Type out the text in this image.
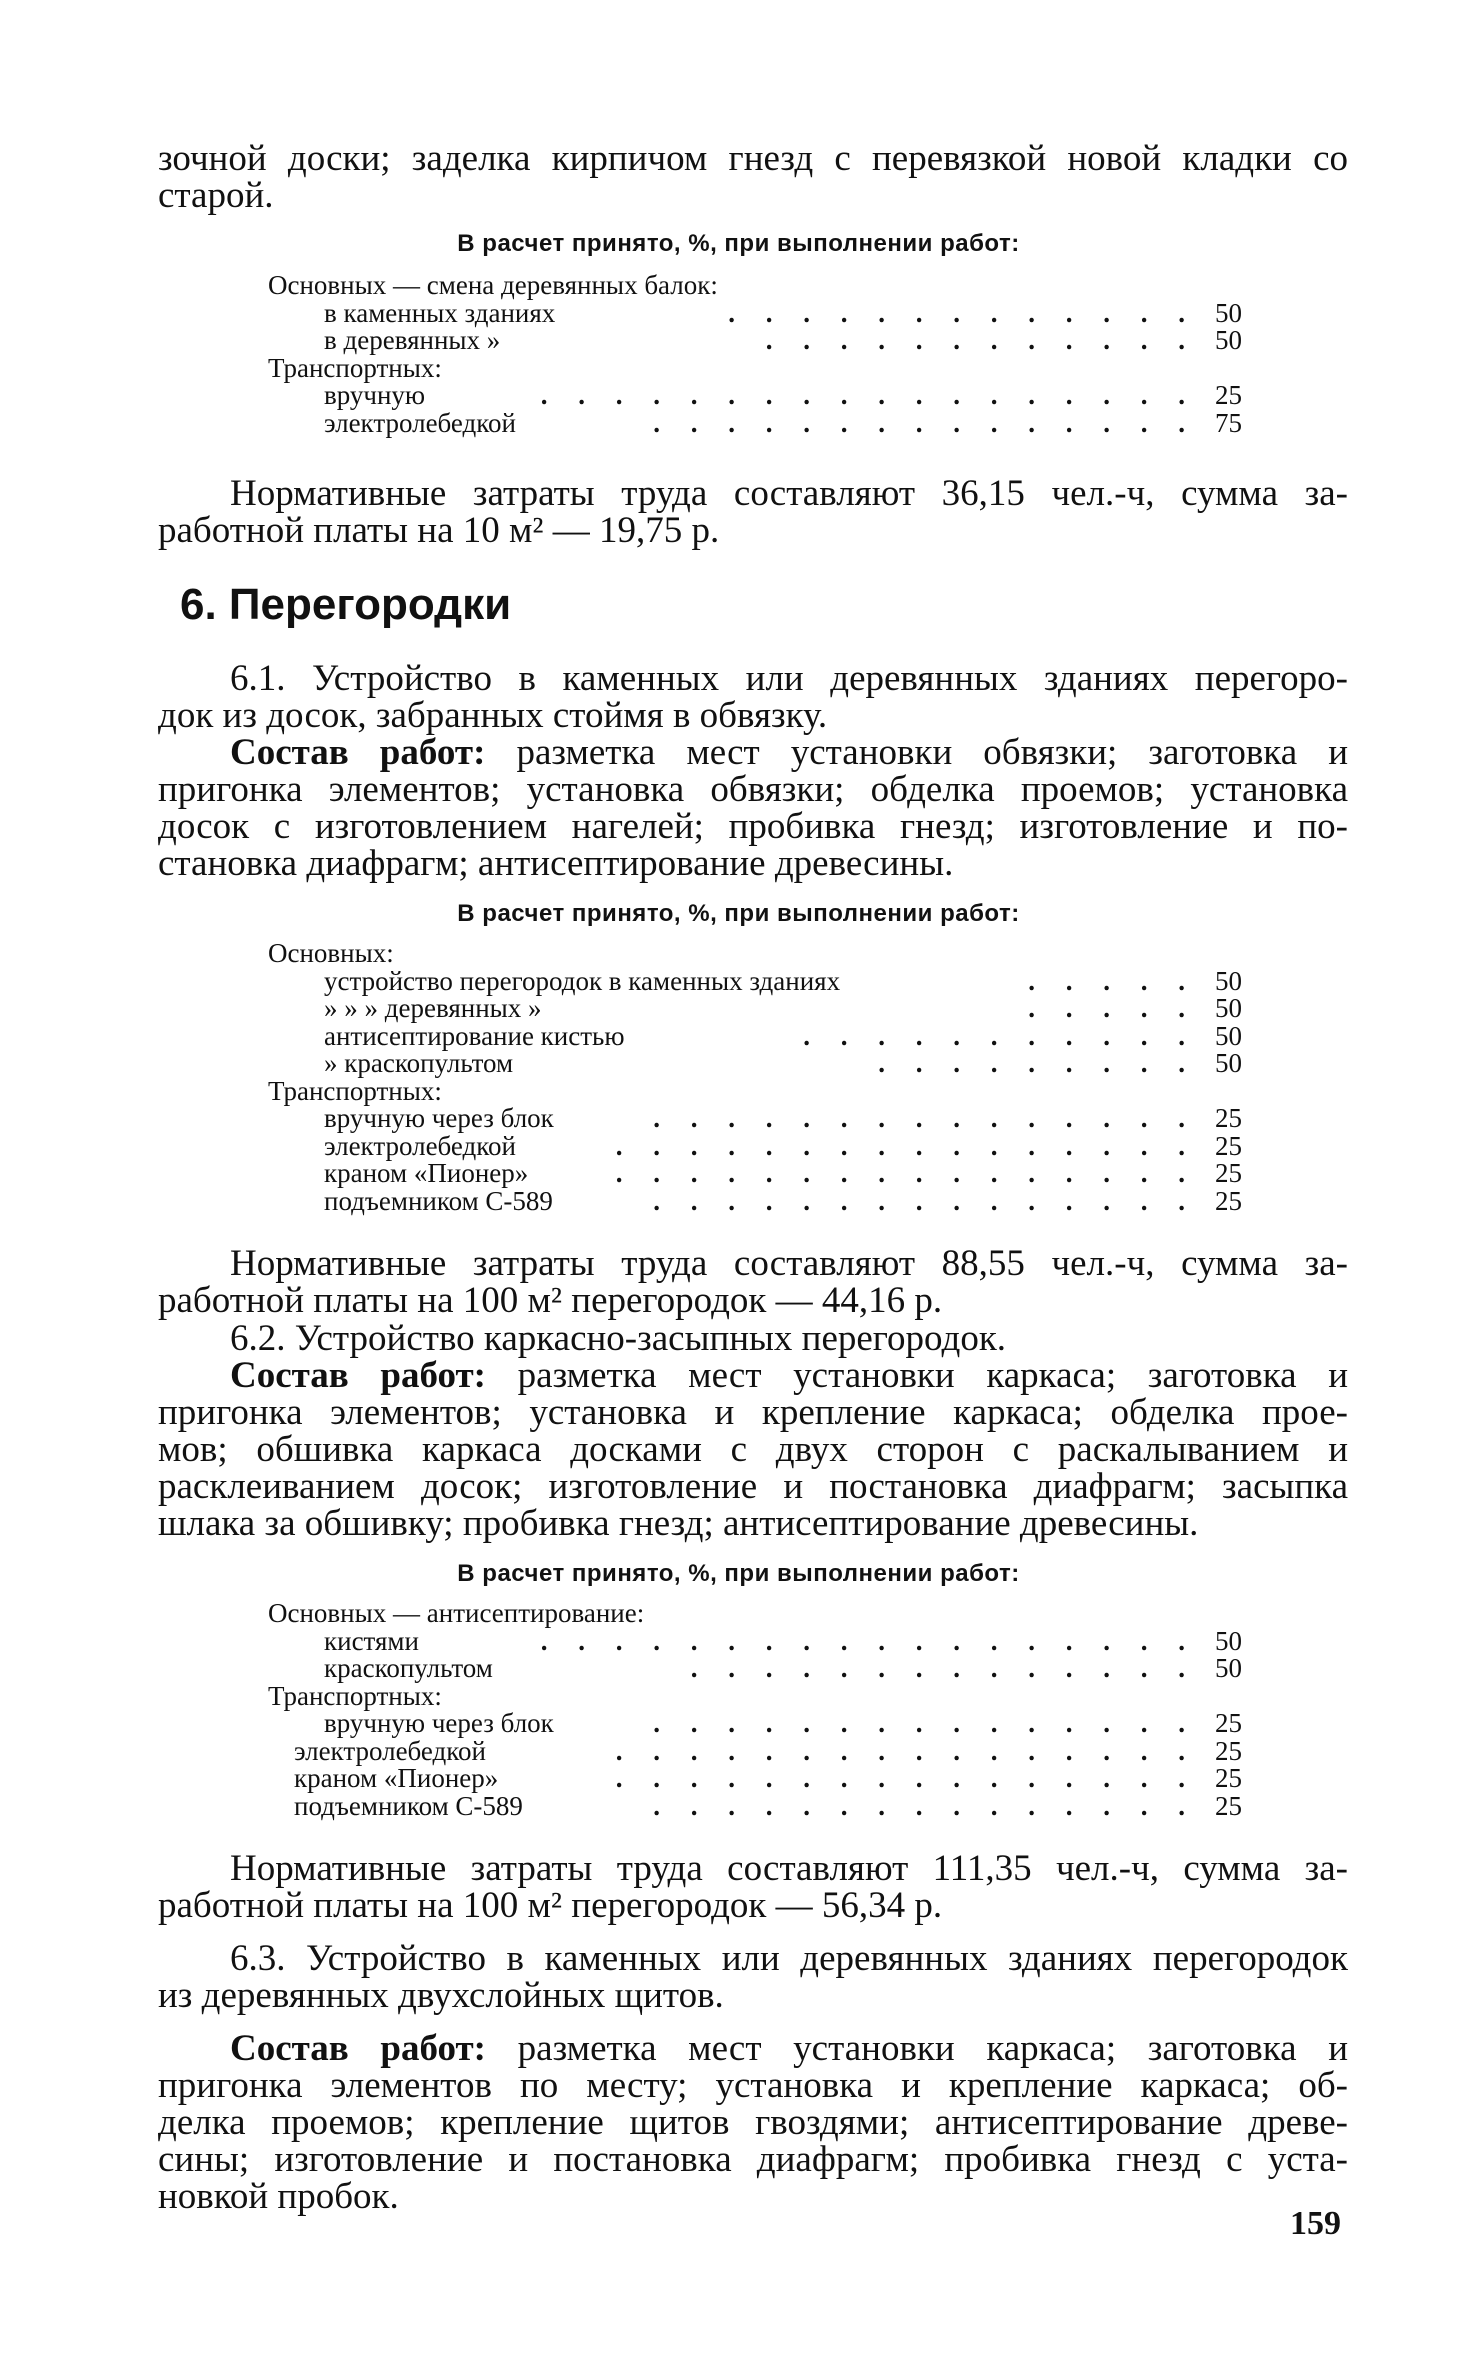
зочной доски; заделка кирпичом гнезд с перевязкой новой кладки со
старой.

В расчет принято, %, при выполнении работ:
Основных — смена деревянных балок:
в каменных зданиях	. . . . . . . . . . . . . 50
в деревянных »	. . . . . . . . . . . . 50
Транспортных:
вручную	. . . . . . . . . . . . . . . . . . 25
электролебедкой	. . . . . . . . . . . . . . . 75

Нормативные затраты труда составляют 36,15 чел.-ч, сумма за-
работной платы на 10 м² — 19,75 р.

6. Перегородки

6.1. Устройство в каменных или деревянных зданиях перегоро-
док из досок, забранных стоймя в обвязку.

Состав работ: разметка мест установки обвязки; заготовка и
пригонка элементов; установка обвязки; обделка проемов; установка
досок с изготовлением нагелей; пробивка гнезд; изготовление и по-
становка диафрагм; антисептирование древесины.

В расчет принято, %, при выполнении работ:
Основных:
устройство перегородок в каменных зданиях	. . . . . 50
» » » деревянных »	. . . . . 50
антисептирование кистью	. . . . . . . . . . . 50
» краскопультом	. . . . . . . . . 50
Транспортных:
вручную через блок	. . . . . . . . . . . . . . . 25
электролебедкой	. . . . . . . . . . . . . . . . 25
краном «Пионер»	. . . . . . . . . . . . . . . . 25
подъемником С-589	. . . . . . . . . . . . . . . 25

Нормативные затраты труда составляют 88,55 чел.-ч, сумма за-
работной платы на 100 м² перегородок — 44,16 р.

6.2. Устройство каркасно-засыпных перегородок.

Состав работ: разметка мест установки каркаса; заготовка и
пригонка элементов; установка и крепление каркаса; обделка прое-
мов; обшивка каркаса досками с двух сторон с раскалыванием и
расклеиванием досок; изготовление и постановка диафрагм; засыпка
шлака за обшивку; пробивка гнезд; антисептирование древесины.

В расчет принято, %, при выполнении работ:
Основных — антисептирование:
кистями	. . . . . . . . . . . . . . . . . . 50
краскопультом	. . . . . . . . . . . . . . 50
Транспортных:
вручную через блок	. . . . . . . . . . . . . . . 25
электролебедкой	. . . . . . . . . . . . . . . . 25
краном «Пионер»	. . . . . . . . . . . . . . . . 25
подъемником С-589	. . . . . . . . . . . . . . . 25

Нормативные затраты труда составляют 111,35 чел.-ч, сумма за-
работной платы на 100 м² перегородок — 56,34 р.

6.3. Устройство в каменных или деревянных зданиях перегородок
из деревянных двухслойных щитов.

Состав работ: разметка мест установки каркаса; заготовка и
пригонка элементов по месту; установка и крепление каркаса; об-
делка проемов; крепление щитов гвоздями; антисептирование древе-
сины; изготовление и постановка диафрагм; пробивка гнезд с уста-
новкой пробок.

159
